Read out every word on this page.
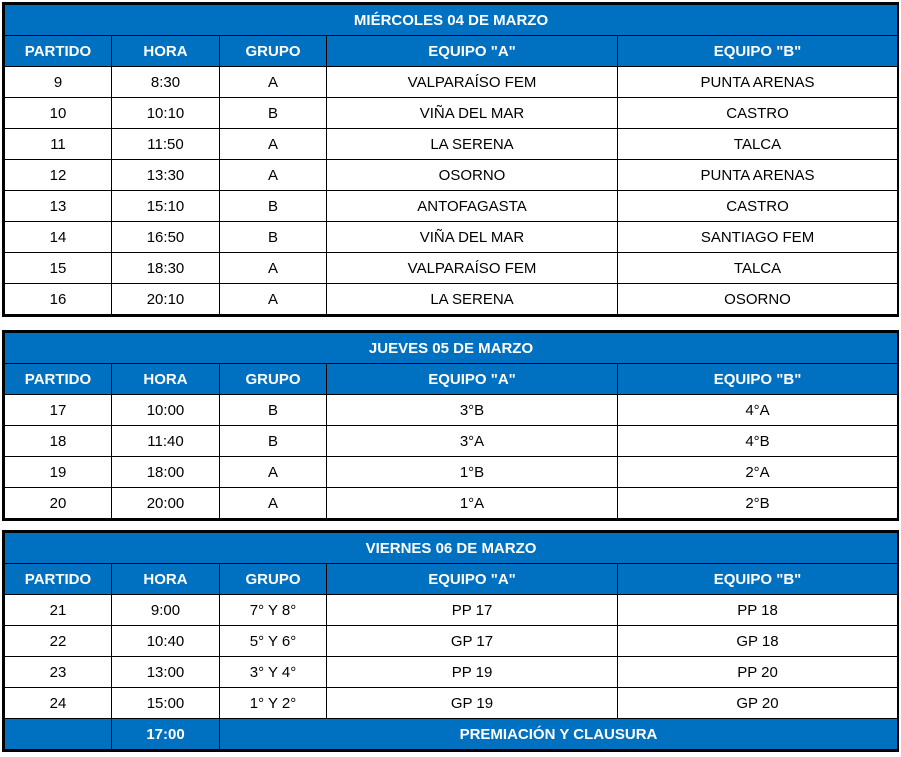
MIÉRCOLES 04 DE MARZO				
PARTIDO	HORA	GRUPO	EQUIPO "A"	EQUIPO "B"
9	8:30	A	VALPARAÍSO FEM	PUNTA ARENAS
10	10:10	B	VIÑA DEL MAR	CASTRO
11	11:50	A	LA SERENA	TALCA
12	13:30	A	OSORNO	PUNTA ARENAS
13	15:10	B	ANTOFAGASTA	CASTRO
14	16:50	B	VIÑA DEL MAR	SANTIAGO FEM
15	18:30	A	VALPARAÍSO FEM	TALCA
16	20:10	A	LA SERENA	OSORNO
JUEVES 05 DE MARZO				
PARTIDO	HORA	GRUPO	EQUIPO "A"	EQUIPO "B"
17	10:00	B	3°B	4°A
18	11:40	B	3°A	4°B
19	18:00	A	1°B	2°A
20	20:00	A	1°A	2°B
VIERNES 06 DE MARZO				
PARTIDO	HORA	GRUPO	EQUIPO "A"	EQUIPO "B"
21	9:00	7° Y 8°	PP 17	PP 18
22	10:40	5° Y 6°	GP 17	GP 18
23	13:00	3° Y 4°	PP 19	PP 20
24	15:00	1° Y 2°	GP 19	GP 20
	17:00	PREMIACIÓN Y CLAUSURA		
